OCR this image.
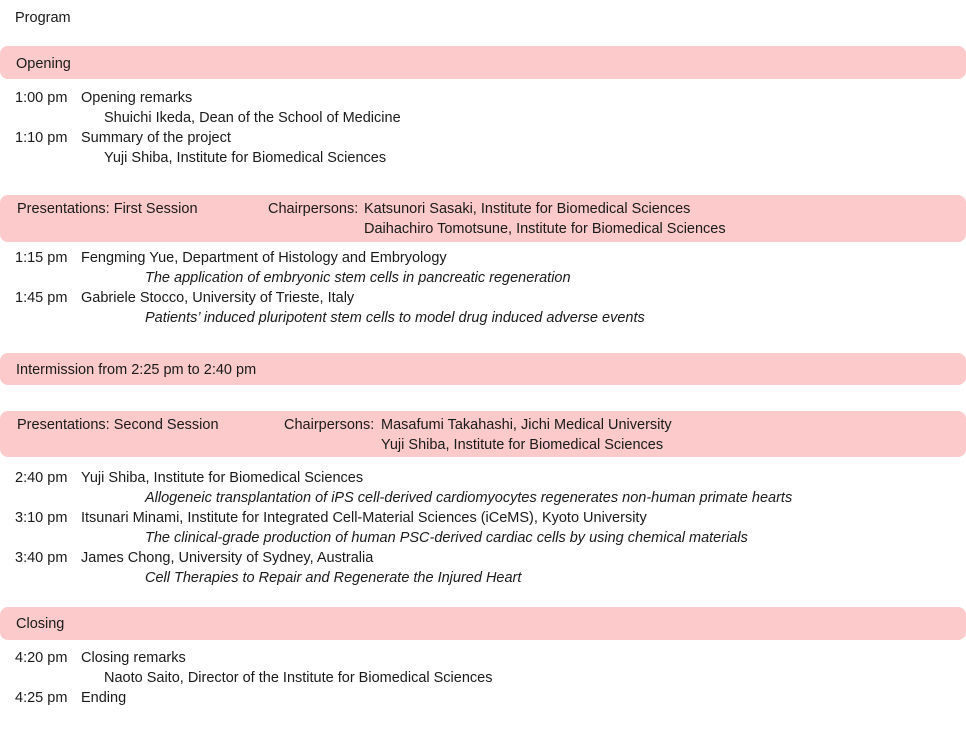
Program
Opening
1:00 pm Opening remarks
Shuichi Ikeda, Dean of the School of Medicine
1:10 pm Summary of the project
Yuji Shiba, Institute for Biomedical Sciences
Presentations: First Session	Chairpersons: Katsunori Sasaki, Institute for Biomedical Sciences
Daihachiro Tomotsune, Institute for Biomedical Sciences
1:15 pm Fengming Yue, Department of Histology and Embryology
The application of embryonic stem cells in pancreatic regeneration
1:45 pm Gabriele Stocco, University of Trieste, Italy
Patients’ induced pluripotent stem cells to model drug induced adverse events
Intermission from 2:25 pm to 2:40 pm
Presentations: Second Session	Chairpersons: Masafumi Takahashi, Jichi Medical University
Yuji Shiba, Institute for Biomedical Sciences
2:40 pm Yuji Shiba, Institute for Biomedical Sciences
Allogeneic transplantation of iPS cell-derived cardiomyocytes regenerates non-human primate hearts
3:10 pm Itsunari Minami, Institute for Integrated Cell-Material Sciences (iCeMS), Kyoto University
The clinical-grade production of human PSC-derived cardiac cells by using chemical materials
3:40 pm James Chong, University of Sydney, Australia
Cell Therapies to Repair and Regenerate the Injured Heart
Closing
4:20 pm Closing remarks
Naoto Saito, Director of the Institute for Biomedical Sciences
4:25 pm Ending
